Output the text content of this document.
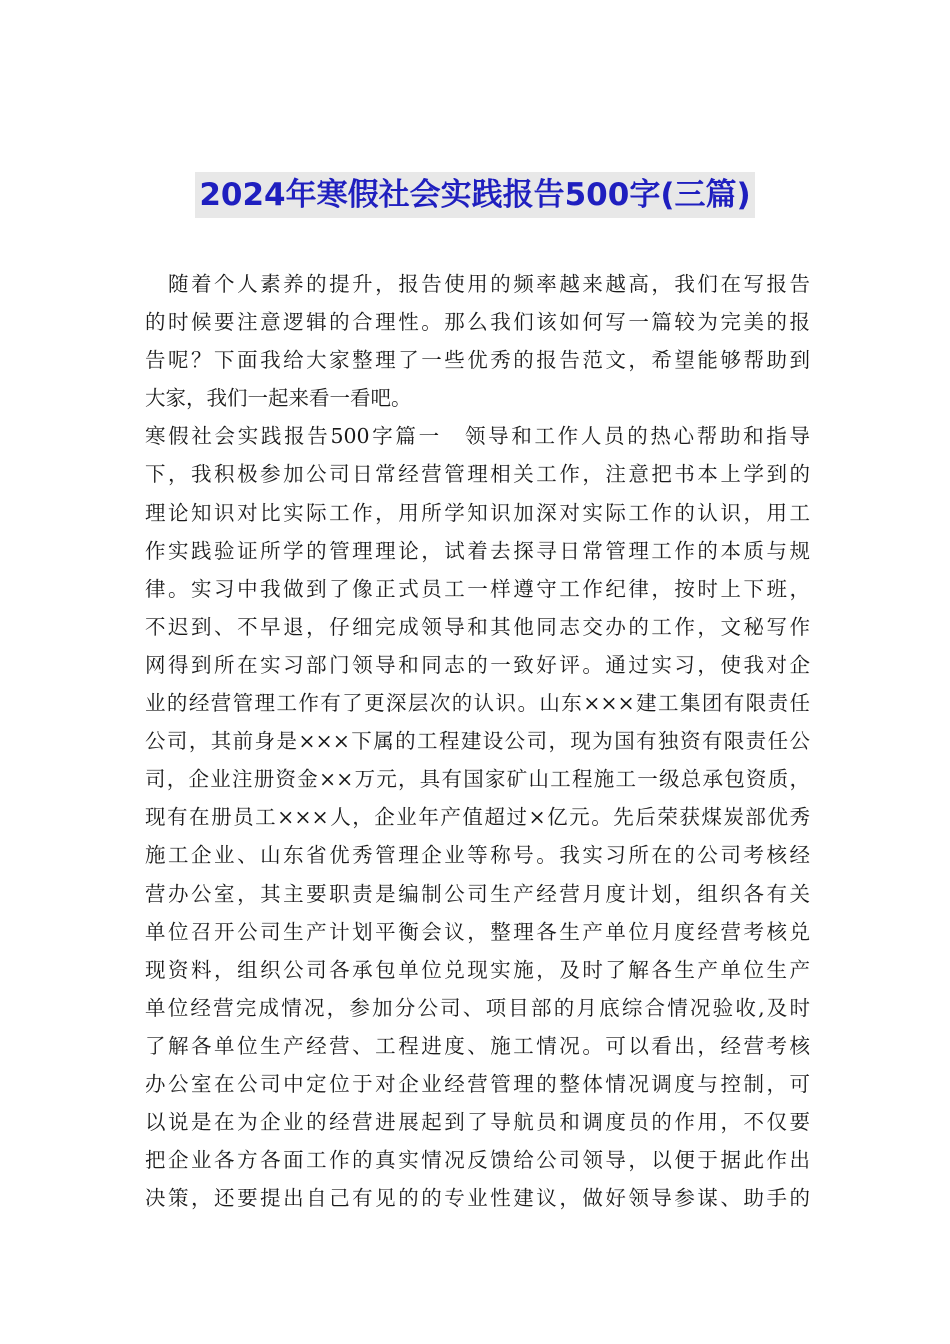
2024年寒假社会实践报告500字(三篇)
　随着个人素养的提升，报告使用的频率越来越高，我们在写报告
的时候要注意逻辑的合理性。那么我们该如何写一篇较为完美的报
告呢？下面我给大家整理了一些优秀的报告范文，希望能够帮助到
大家，我们一起来看一看吧。
寒假社会实践报告500字篇一　领导和工作人员的热心帮助和指导
下，我积极参加公司日常经营管理相关工作，注意把书本上学到的
理论知识对比实际工作，用所学知识加深对实际工作的认识，用工
作实践验证所学的管理理论，试着去探寻日常管理工作的本质与规
律。实习中我做到了像正式员工一样遵守工作纪律，按时上下班，
不迟到、不早退，仔细完成领导和其他同志交办的工作，文秘写作
网得到所在实习部门领导和同志的一致好评。通过实习，使我对企
业的经营管理工作有了更深层次的认识。山东×××建工集团有限责任
公司，其前身是×××下属的工程建设公司，现为国有独资有限责任公
司，企业注册资金××万元，具有国家矿山工程施工一级总承包资质，
现有在册员工×××人，企业年产值超过×亿元。先后荣获煤炭部优秀
施工企业、山东省优秀管理企业等称号。我实习所在的公司考核经
营办公室，其主要职责是编制公司生产经营月度计划，组织各有关
单位召开公司生产计划平衡会议，整理各生产单位月度经营考核兑
现资料，组织公司各承包单位兑现实施，及时了解各生产单位生产
单位经营完成情况，参加分公司、项目部的月底综合情况验收,及时
了解各单位生产经营、工程进度、施工情况。可以看出，经营考核
办公室在公司中定位于对企业经营管理的整体情况调度与控制，可
以说是在为企业的经营进展起到了导航员和调度员的作用，不仅要
把企业各方各面工作的真实情况反馈给公司领导，以便于据此作出
决策，还要提出自己有见的的专业性建议，做好领导参谋、助手的
